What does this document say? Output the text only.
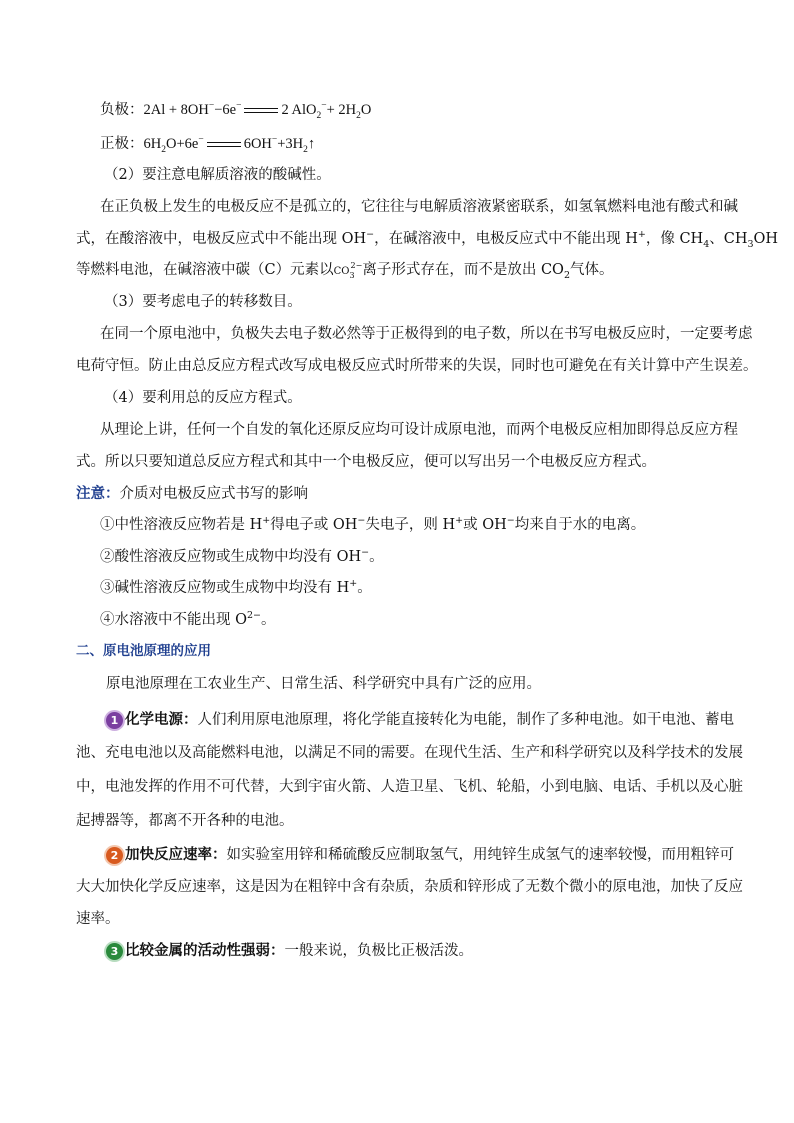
负极：2Al + 8OH−−6e−	2 $AlO_2^-+ 2H_2O$
正极：$6H_2O+6e^-$	$6OH^-+3H_2↑$
（2）要注意电解质溶液的酸碱性。
在正负极上发生的电极反应不是孤立的，它往往与电解质溶液紧密联系，如氢氧燃料电池有酸式和碱
式，在酸溶液中，电极反应式中不能出现 OH−，在碱溶液中，电极反应式中不能出现 H+，像 $CH_4$、$CH_3OH$
等燃料电池，在碱溶液中碳（C）元素以$CO_3^{2-}$离子形式存在，而不是放出 $CO_2$气体。
（3）要考虑电子的转移数目。
在同一个原电池中，负极失去电子数必然等于正极得到的电子数，所以在书写电极反应时，一定要考虑
电荷守恒。防止由总反应方程式改写成电极反应式时所带来的失误，同时也可避免在有关计算中产生误差。
（4）要利用总的反应方程式。
从理论上讲，任何一个自发的氧化还原反应均可设计成原电池，而两个电极反应相加即得总反应方程
式。所以只要知道总反应方程式和其中一个电极反应，便可以写出另一个电极反应方程式。
注意：介质对电极反应式书写的影响
①中性溶液反应物若是 H+得电子或 OH−失电子，则 H+或 OH−均来自于水的电离。
②酸性溶液反应物或生成物中均没有 OH−。
③碱性溶液反应物或生成物中均没有 H+。
④水溶液中不能出现 $O^{2-}$。
二、原电池原理的应用
原电池原理在工农业生产、日常生活、科学研究中具有广泛的应用。
1 化学电源：人们利用原电池原理，将化学能直接转化为电能，制作了多种电池。如干电池、蓄电
池、充电电池以及高能燃料电池，以满足不同的需要。在现代生活、生产和科学研究以及科学技术的发展
中，电池发挥的作用不可代替，大到宇宙火箭、人造卫星、飞机、轮船，小到电脑、电话、手机以及心脏
起搏器等，都离不开各种的电池。
2 加快反应速率：如实验室用锌和稀硫酸反应制取氢气，用纯锌生成氢气的速率较慢，而用粗锌可
大大加快化学反应速率，这是因为在粗锌中含有杂质，杂质和锌形成了无数个微小的原电池，加快了反应
速率。
3 比较金属的活动性强弱：一般来说，负极比正极活泼。
